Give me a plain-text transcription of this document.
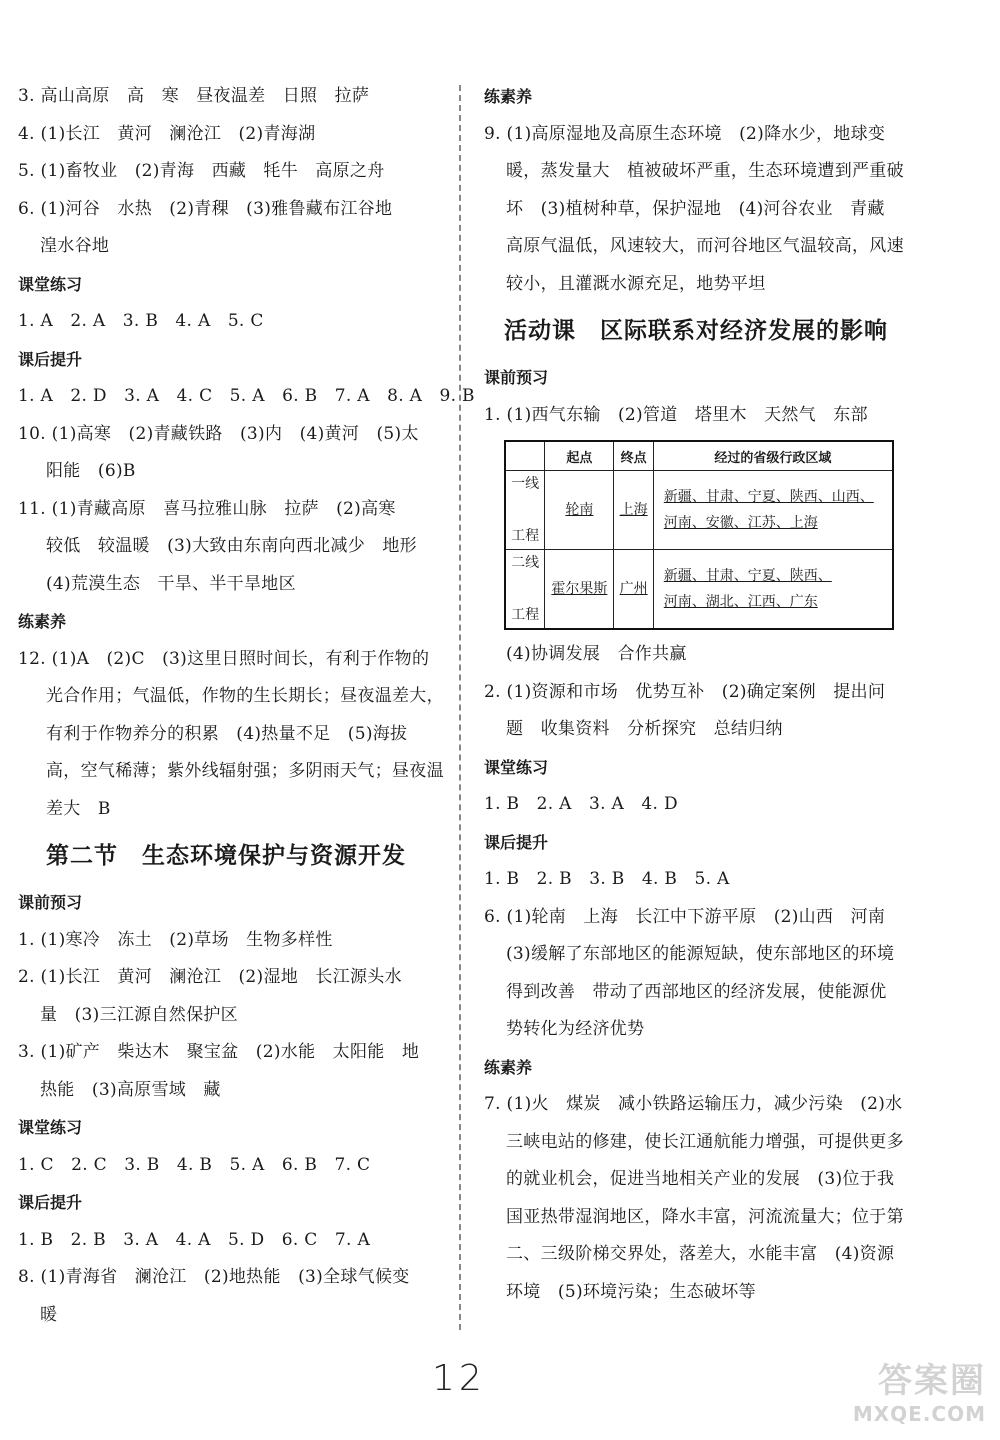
3. 高山高原　高　寒　昼夜温差　日照　拉萨
4. (1)长江　黄河　澜沧江　(2)青海湖
5. (1)畜牧业　(2)青海　西藏　牦牛　高原之舟
6. (1)河谷　水热　(2)青稞　(3)雅鲁藏布江谷地
湟水谷地
课堂练习
1. A　2. A　3. B　4. A　5. C
课后提升
1. A　2. D　3. A　4. C　5. A　6. B　7. A　8. A　9. B
10. (1)高寒　(2)青藏铁路　(3)内　(4)黄河　(5)太
阳能　(6)B
11. (1)青藏高原　喜马拉雅山脉　拉萨　(2)高寒
较低　较温暖　(3)大致由东南向西北减少　地形
(4)荒漠生态　干旱、半干旱地区
练素养
12. (1)A　(2)C　(3)这里日照时间长，有利于作物的
光合作用；气温低，作物的生长期长；昼夜温差大，
有利于作物养分的积累　(4)热量不足　(5)海拔
高，空气稀薄；紫外线辐射强；多阴雨天气；昼夜温
差大　B
第二节　生态环境保护与资源开发
课前预习
1. (1)寒冷　冻土　(2)草场　生物多样性
2. (1)长江　黄河　澜沧江　(2)湿地　长江源头水
量　(3)三江源自然保护区
3. (1)矿产　柴达木　聚宝盆　(2)水能　太阳能　地
热能　(3)高原雪域　藏
课堂练习
1. C　2. C　3. B　4. B　5. A　6. B　7. C
课后提升
1. B　2. B　3. A　4. A　5. D　6. C　7. A
8. (1)青海省　澜沧江　(2)地热能　(3)全球气候变
暖
练素养
9. (1)高原湿地及高原生态环境　(2)降水少，地球变
暖，蒸发量大　植被破坏严重，生态环境遭到严重破
坏　(3)植树种草，保护湿地　(4)河谷农业　青藏
高原气温低，风速较大，而河谷地区气温较高，风速
较小，且灌溉水源充足，地势平坦
活动课　区际联系对经济发展的影响
课前预习
1. (1)西气东输　(2)管道　塔里木　天然气　东部
	起点	终点	经过的省级行政区域
一线

工程	轮南	上海	新疆、甘肃、宁夏、陕西、山西、
河南、安徽、江苏、上海
二线

工程	霍尔果斯	广州	新疆、甘肃、宁夏、陕西、
河南、湖北、江西、广东
(4)协调发展　合作共赢
2. (1)资源和市场　优势互补　(2)确定案例　提出问
题　收集资料　分析探究　总结归纳
课堂练习
1. B　2. A　3. A　4. D
课后提升
1. B　2. B　3. B　4. B　5. A
6. (1)轮南　上海　长江中下游平原　(2)山西　河南
(3)缓解了东部地区的能源短缺，使东部地区的环境
得到改善　带动了西部地区的经济发展，使能源优
势转化为经济优势
练素养
7. (1)火　煤炭　减小铁路运输压力，减少污染　(2)水
三峡电站的修建，使长江通航能力增强，可提供更多
的就业机会，促进当地相关产业的发展　(3)位于我
国亚热带湿润地区，降水丰富，河流流量大；位于第
二、三级阶梯交界处，落差大，水能丰富　(4)资源
环境　(5)环境污染；生态破坏等
12	答案圈
MXQE.COM
